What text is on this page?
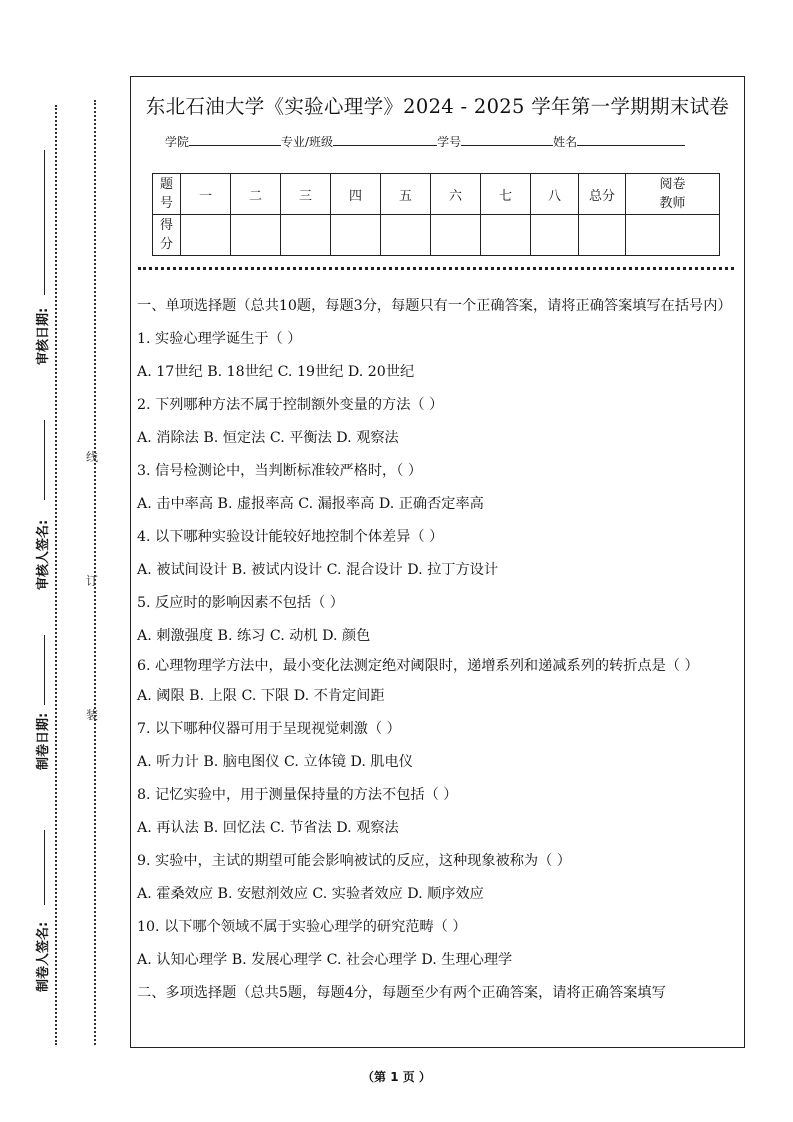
审核日期:
审核人签名:
制卷日期:
制卷人签名:
线
订
装
东北石油大学《实验心理学》2024 - 2025 学年第一学期期末试卷
学院	专业/班级	学号	姓名
题号	一	二	三	四	五	六	七	八	总分	阅卷教师

得分										

一、单项选择题（总共10题，每题3分，每题只有一个正确答案，请将正确答案填写在括号内）

1. 实验心理学诞生于（ ）

A. 17世纪 B. 18世纪 C. 19世纪 D. 20世纪

2. 下列哪种方法不属于控制额外变量的方法（ ）

A. 消除法 B. 恒定法 C. 平衡法 D. 观察法

3. 信号检测论中，当判断标准较严格时，（ ）

A. 击中率高 B. 虚报率高 C. 漏报率高 D. 正确否定率高

4. 以下哪种实验设计能较好地控制个体差异（ ）

A. 被试间设计 B. 被试内设计 C. 混合设计 D. 拉丁方设计

5. 反应时的影响因素不包括（ ）

A. 刺激强度 B. 练习 C. 动机 D. 颜色

6. 心理物理学方法中，最小变化法测定绝对阈限时，递增系列和递减系列的转折点是（ ）

A. 阈限 B. 上限 C. 下限 D. 不肯定间距

7. 以下哪种仪器可用于呈现视觉刺激（ ）

A. 听力计 B. 脑电图仪 C. 立体镜 D. 肌电仪

8. 记忆实验中，用于测量保持量的方法不包括（ ）

A. 再认法 B. 回忆法 C. 节省法 D. 观察法

9. 实验中，主试的期望可能会影响被试的反应，这种现象被称为（ ）

A. 霍桑效应 B. 安慰剂效应 C. 实验者效应 D. 顺序效应

10. 以下哪个领域不属于实验心理学的研究范畴（ ）

A. 认知心理学 B. 发展心理学 C. 社会心理学 D. 生理心理学

二、多项选择题（总共5题，每题4分，每题至少有两个正确答案，请将正确答案填写

（第 1 页 ）
